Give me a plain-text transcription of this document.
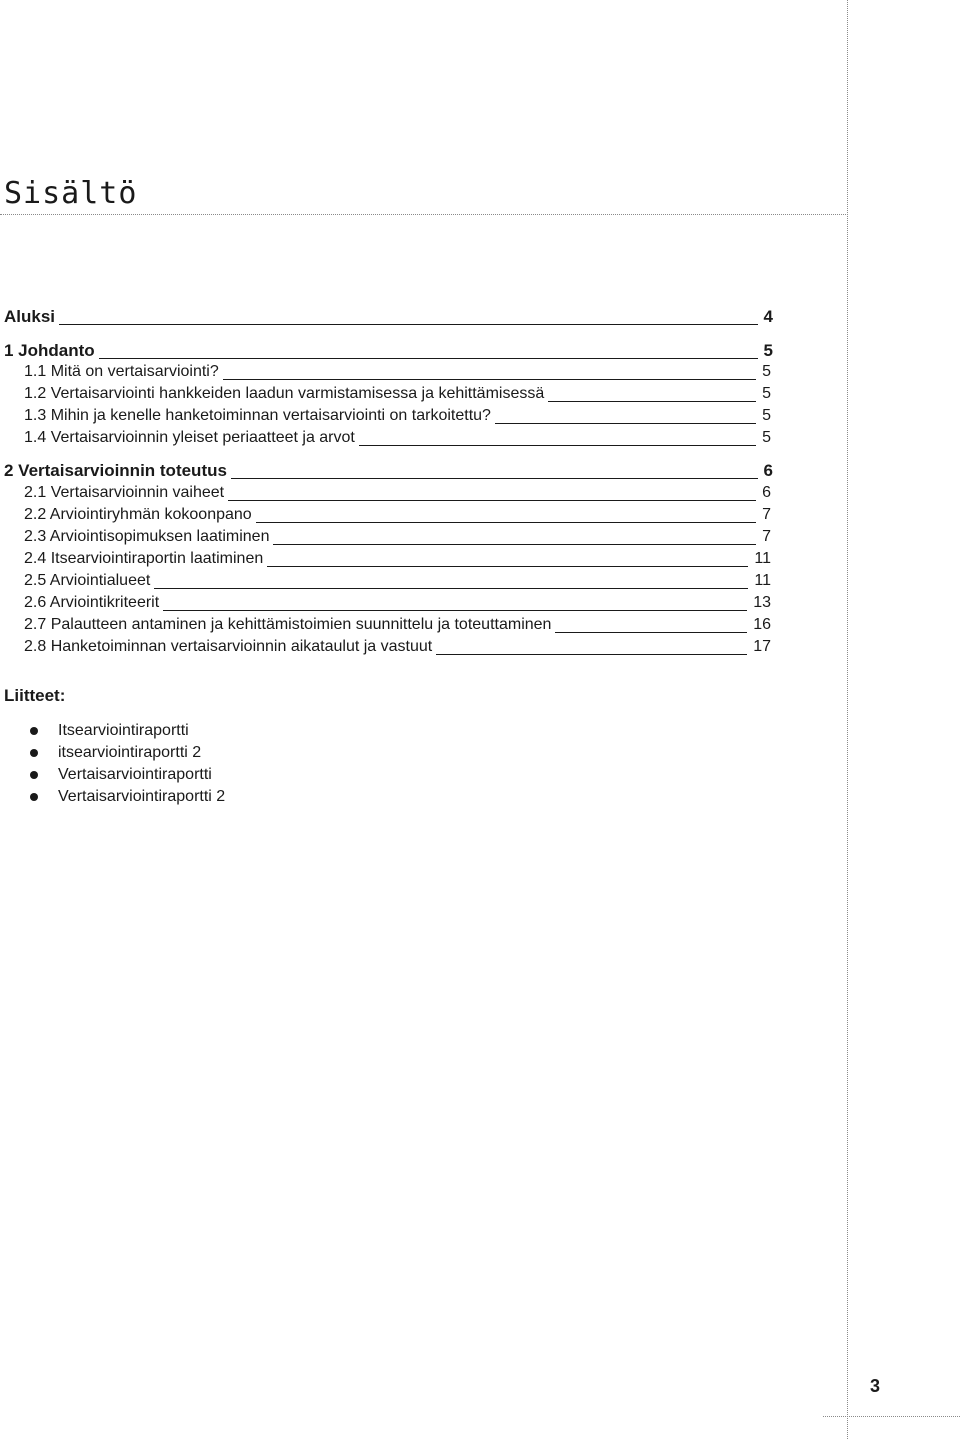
Sisältö
Aluksi	4
1 Johdanto	5
1.1 Mitä on vertaisarviointi?	5
1.2 Vertaisarviointi hankkeiden laadun varmistamisessa ja kehittämisessä	5
1.3 Mihin ja kenelle hanketoiminnan vertaisarviointi on tarkoitettu?	5
1.4 Vertaisarvioinnin yleiset periaatteet ja arvot	5
2 Vertaisarvioinnin toteutus	6
2.1 Vertaisarvioinnin vaiheet	6
2.2 Arviointiryhmän kokoonpano	7
2.3 Arviointisopimuksen laatiminen	7
2.4 Itsearviointiraportin laatiminen	11
2.5 Arviointialueet	11
2.6 Arviointikriteerit	13
2.7 Palautteen antaminen ja kehittämistoimien suunnittelu ja toteuttaminen	16
2.8 Hanketoiminnan vertaisarvioinnin aikataulut ja vastuut	17
Liitteet:
Itsearviointiraportti
itsearviointiraportti 2
Vertaisarviointiraportti
Vertaisarviointiraportti 2
3
